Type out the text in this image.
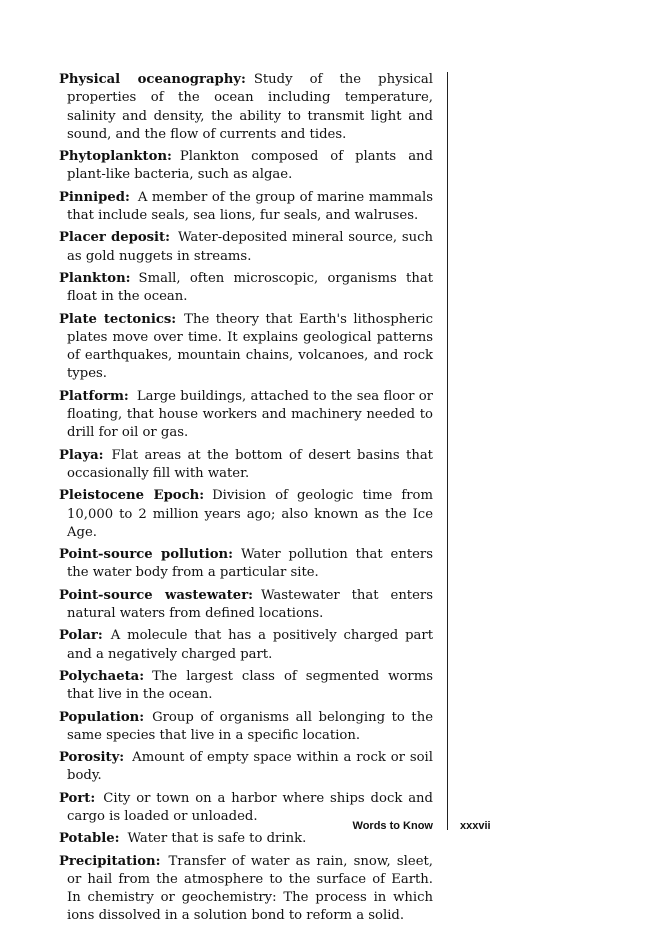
Physical oceanography: Study of the physical properties of the ocean including temperature, salinity and density, the ability to transmit light and sound, and the flow of currents and tides.

Phytoplankton: Plankton composed of plants and plant-like bacteria, such as algae.

Pinniped: A member of the group of marine mammals that include seals, sea lions, fur seals, and walruses.

Placer deposit: Water-deposited mineral source, such as gold nuggets in streams.

Plankton: Small, often microscopic, organisms that float in the ocean.

Plate tectonics: The theory that Earth's lithospheric plates move over time. It explains geological patterns of earthquakes, mountain chains, volcanoes, and rock types.

Platform: Large buildings, attached to the sea floor or floating, that house workers and machinery needed to drill for oil or gas.

Playa: Flat areas at the bottom of desert basins that occasionally fill with water.

Pleistocene Epoch: Division of geologic time from 10,000 to 2 million years ago; also known as the Ice Age.

Point-source pollution: Water pollution that enters the water body from a particular site.

Point-source wastewater: Wastewater that enters natural waters from defined locations.

Polar: A molecule that has a positively charged part and a negatively charged part.

Polychaeta: The largest class of segmented worms that live in the ocean.

Population: Group of organisms all belonging to the same species that live in a specific location.

Porosity: Amount of empty space within a rock or soil body.

Port: City or town on a harbor where ships dock and cargo is loaded or unloaded.

Potable: Water that is safe to drink.

Precipitation: Transfer of water as rain, snow, sleet, or hail from the atmosphere to the surface of Earth. In chemistry or geochemistry: The process in which ions dissolved in a solution bond to reform a solid.

Words to Know xxxvii
